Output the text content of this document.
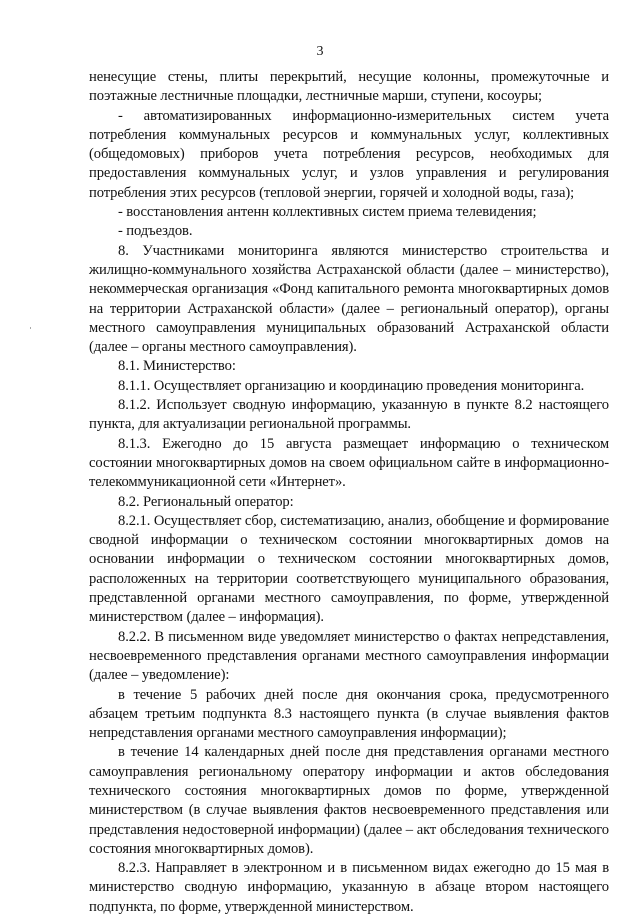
3

ненесущие стены, плиты перекрытий, несущие колонны, промежуточные и поэтажные лестничные площадки, лестничные марши, ступени, косоуры;

- автоматизированных информационно-измерительных систем учета потребления коммунальных ресурсов и коммунальных услуг, коллективных (общедомовых) приборов учета потребления ресурсов, необходимых для предоставления коммунальных услуг, и узлов управления и регулирования потребления этих ресурсов (тепловой энергии, горячей и холодной воды, газа);

- восстановления антенн коллективных систем приема телевидения;

- подъездов.

8. Участниками мониторинга являются министерство строительства и жилищно-коммунального хозяйства Астраханской области (далее – министерство), некоммерческая организация «Фонд капитального ремонта многоквартирных домов на территории Астраханской области» (далее – региональный оператор), органы местного самоуправления муниципальных образований Астраханской области (далее – органы местного самоуправления).

8.1. Министерство:

8.1.1. Осуществляет организацию и координацию проведения мониторинга.

8.1.2. Использует сводную информацию, указанную в пункте 8.2 настоящего пункта, для актуализации региональной программы.

8.1.3. Ежегодно до 15 августа размещает информацию о техническом состоянии многоквартирных домов на своем официальном сайте в информационно-телекоммуникационной сети «Интернет».

8.2. Региональный оператор:

8.2.1. Осуществляет сбор, систематизацию, анализ, обобщение и формирование сводной информации о техническом состоянии многоквартирных домов на основании информации о техническом состоянии многоквартирных домов, расположенных на территории соответствующего муниципального образования, представленной органами местного самоуправления, по форме, утвержденной министерством (далее – информация).

8.2.2. В письменном виде уведомляет министерство о фактах непредставления, несвоевременного представления органами местного самоуправления информации (далее – уведомление):

в течение 5 рабочих дней после дня окончания срока, предусмотренного абзацем третьим подпункта 8.3 настоящего пункта (в случае выявления фактов непредставления органами местного самоуправления информации);

в течение 14 календарных дней после дня представления органами местного самоуправления региональному оператору информации и актов обследования технического состояния многоквартирных домов по форме, утвержденной министерством (в случае выявления фактов несвоевременного представления или представления недостоверной информации) (далее – акт обследования технического состояния многоквартирных домов).

8.2.3. Направляет в электронном и в письменном видах ежегодно до 15 мая в министерство сводную информацию, указанную в абзаце втором настоящего подпункта, по форме, утвержденной министерством.
